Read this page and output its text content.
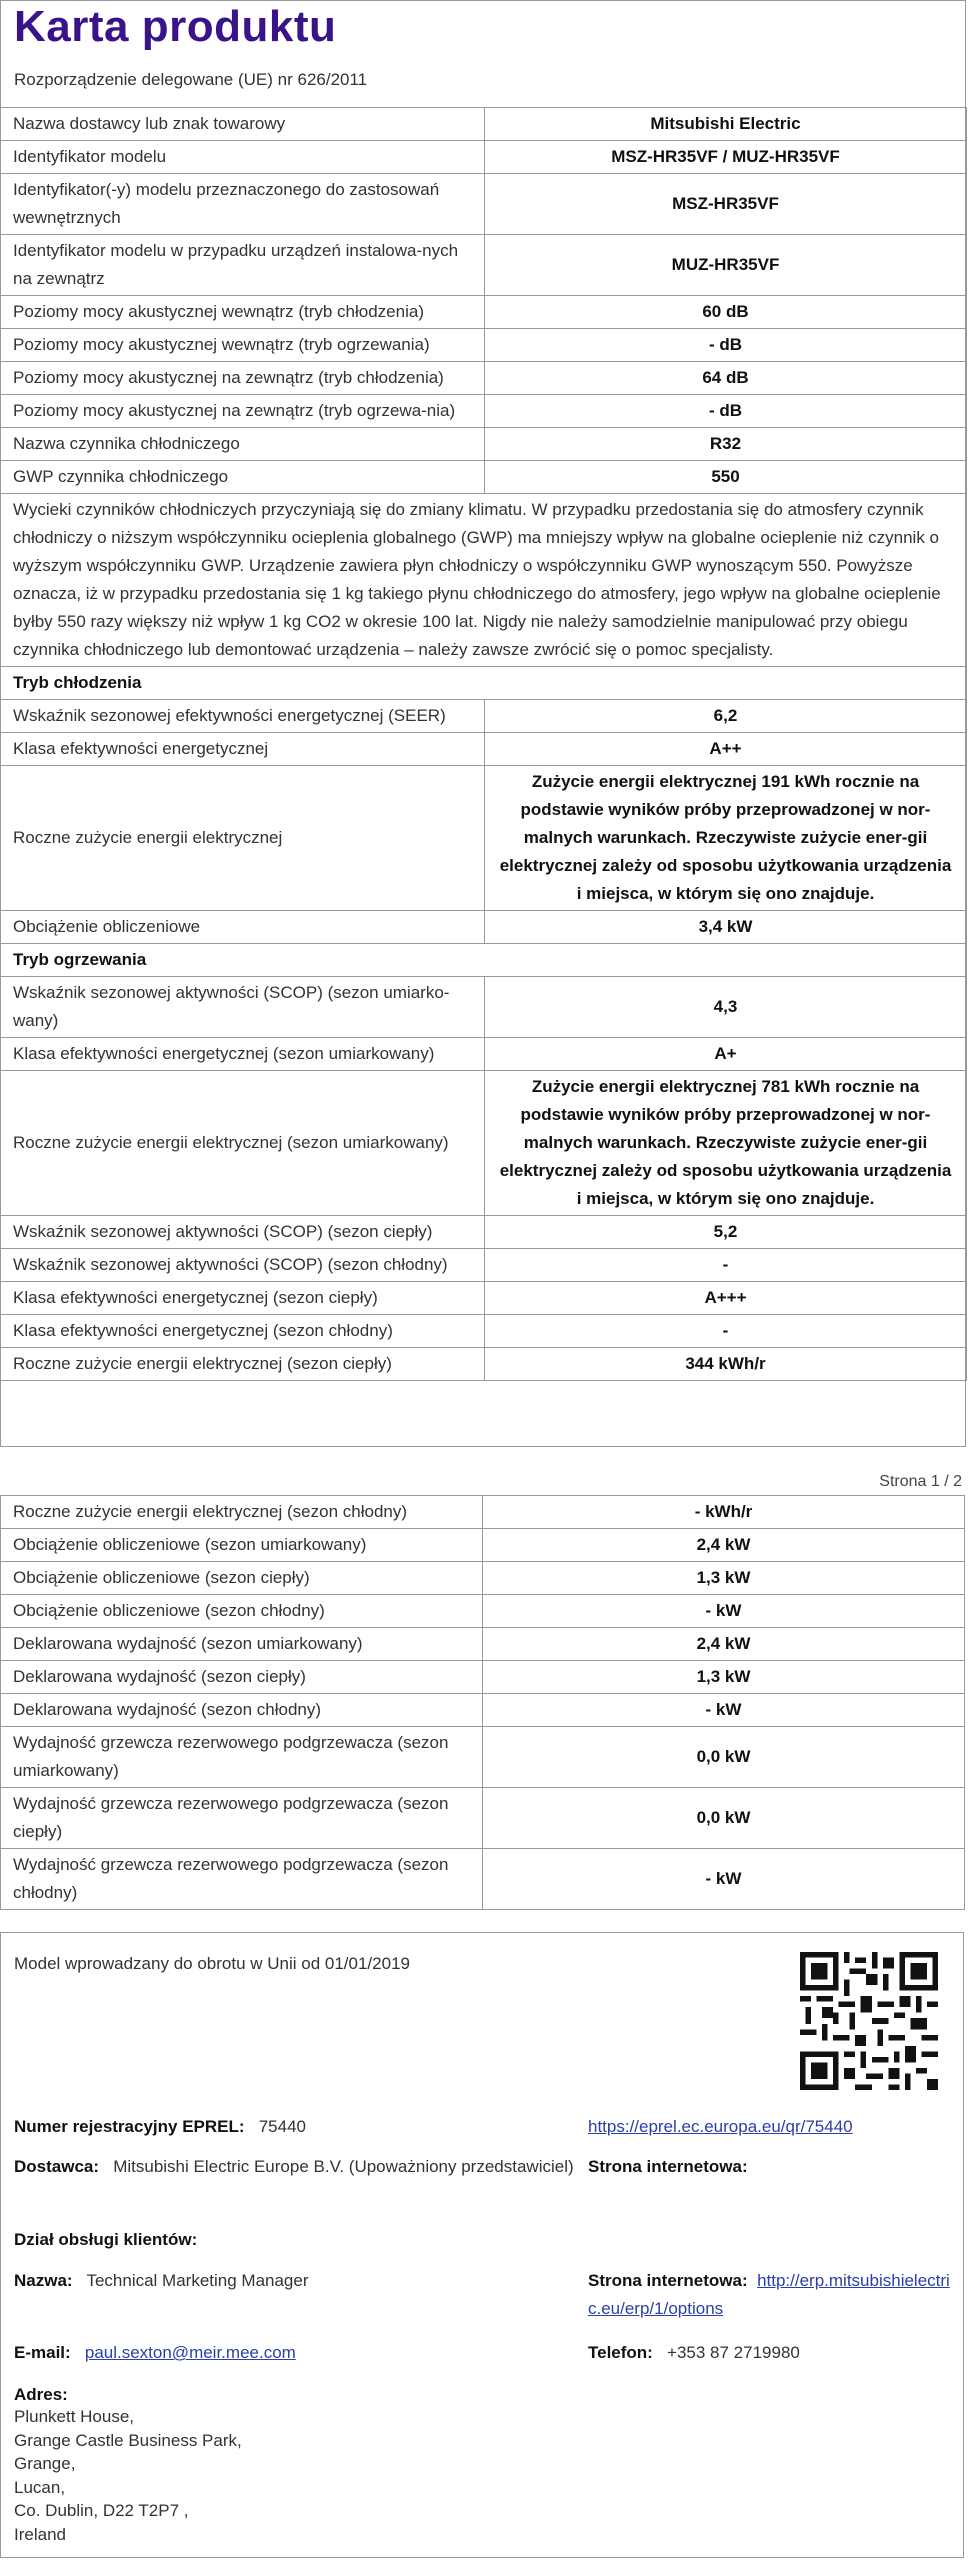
Karta produktu
Rozporządzenie delegowane (UE) nr 626/2011
Nazwa dostawcy lub znak towarowy	Mitsubishi Electric
Identyfikator modelu	MSZ-HR35VF / MUZ-HR35VF
Identyfikator(-y) modelu przeznaczonego do zastosowań wewnętrznych	MSZ-HR35VF
Identyfikator modelu w przypadku urządzeń instalowa-nych na zewnątrz	MUZ-HR35VF
Poziomy mocy akustycznej wewnątrz (tryb chłodzenia)	60 dB
Poziomy mocy akustycznej wewnątrz (tryb ogrzewania)	- dB
Poziomy mocy akustycznej na zewnątrz (tryb chłodzenia)	64 dB
Poziomy mocy akustycznej na zewnątrz (tryb ogrzewa-nia)	- dB
Nazwa czynnika chłodniczego	R32
GWP czynnika chłodniczego	550
Wycieki czynników chłodniczych przyczyniają się do zmiany klimatu. W przypadku przedostania się do atmosfery czynnik chłodniczy o niższym współczynniku ocieplenia globalnego (GWP) ma mniejszy wpływ na globalne ocieplenie niż czynnik o wyższym współczynniku GWP. Urządzenie zawiera płyn chłodniczy o współczynniku GWP wynoszącym 550. Powyższe oznacza, iż w przypadku przedostania się 1 kg takiego płynu chłodniczego do atmosfery, jego wpływ na globalne ocieplenie byłby 550 razy większy niż wpływ 1 kg CO2 w okresie 100 lat. Nigdy nie należy samodzielnie manipulować przy obiegu czynnika chłodniczego lub demontować urządzenia – należy zawsze zwrócić się o pomoc specjalisty.	
Tryb chłodzenia	
Wskaźnik sezonowej efektywności energetycznej (SEER)	6,2
Klasa efektywności energetycznej	A++
Roczne zużycie energii elektrycznej	Zużycie energii elektrycznej 191 kWh rocznie na podstawie wyników próby przeprowadzonej w nor-malnych warunkach. Rzeczywiste zużycie ener-gii elektrycznej zależy od sposobu użytkowania urządzenia i miejsca, w którym się ono znajduje.
Obciążenie obliczeniowe	3,4 kW
Tryb ogrzewania	
Wskaźnik sezonowej aktywności (SCOP) (sezon umiarko-wany)	4,3
Klasa efektywności energetycznej (sezon umiarkowany)	A+
Roczne zużycie energii elektrycznej (sezon umiarkowany)	Zużycie energii elektrycznej 781 kWh rocznie na podstawie wyników próby przeprowadzonej w nor-malnych warunkach. Rzeczywiste zużycie ener-gii elektrycznej zależy od sposobu użytkowania urządzenia i miejsca, w którym się ono znajduje.
Wskaźnik sezonowej aktywności (SCOP) (sezon ciepły)	5,2
Wskaźnik sezonowej aktywności (SCOP) (sezon chłodny)	-
Klasa efektywności energetycznej (sezon ciepły)	A+++
Klasa efektywności energetycznej (sezon chłodny)	-
Roczne zużycie energii elektrycznej (sezon ciepły)	344 kWh/r
Strona 1 / 2
Roczne zużycie energii elektrycznej (sezon chłodny)	- kWh/r
Obciążenie obliczeniowe (sezon umiarkowany)	2,4 kW
Obciążenie obliczeniowe (sezon ciepły)	1,3 kW
Obciążenie obliczeniowe (sezon chłodny)	- kW
Deklarowana wydajność (sezon umiarkowany)	2,4 kW
Deklarowana wydajność (sezon ciepły)	1,3 kW
Deklarowana wydajność (sezon chłodny)	- kW
Wydajność grzewcza rezerwowego podgrzewacza (sezon umiarkowany)	0,0 kW
Wydajność grzewcza rezerwowego podgrzewacza (sezon ciepły)	0,0 kW
Wydajność grzewcza rezerwowego podgrzewacza (sezon chłodny)	- kW
Model wprowadzany do obrotu w Unii od 01/01/2019
Numer rejestracyjny EPREL: 75440	https://eprel.ec.europa.eu/qr/75440
Dostawca: Mitsubishi Electric Europe B.V. (Upoważniony przedstawiciel) Strona internetowa:
Dział obsługi klientów:
Nazwa: Technical Marketing Manager	Strona internetowa: http://erp.mitsubishielectric.eu/erp/1/options
E-mail: paul.sexton@meir.mee.com	Telefon: +353 87 2719980
Adres:
Plunkett House,
Grange Castle Business Park,
Grange,
Lucan,
Co. Dublin, D22 T2P7 ,
Ireland
